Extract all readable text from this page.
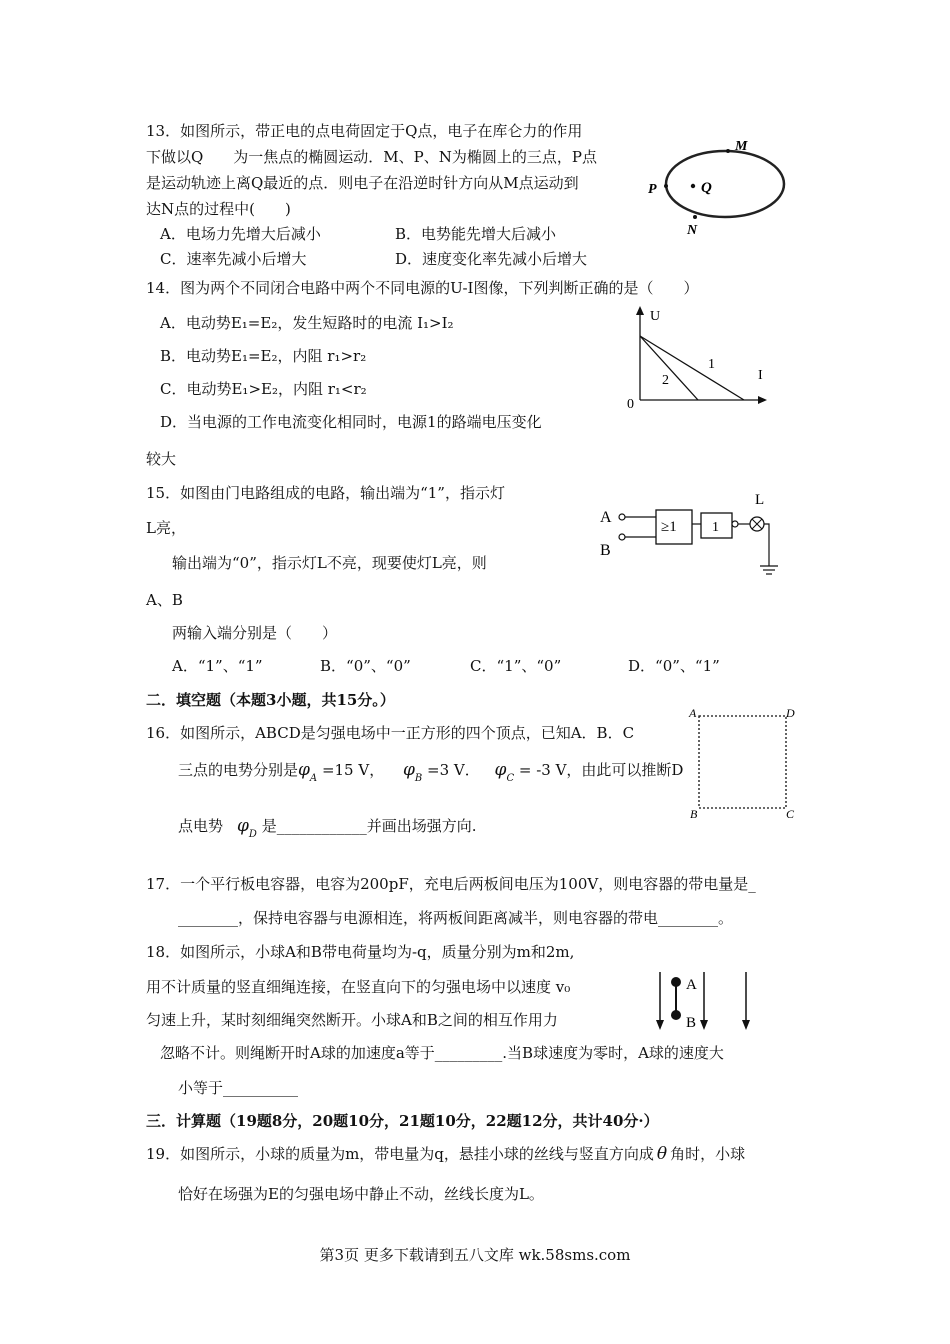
13．如图所示，带正电的点电荷固定于Q点，电子在库仑力的作用
下做以Q　　为一焦点的椭圆运动．M、P、N为椭圆上的三点，P点
是运动轨迹上离Q最近的点．则电子在沿逆时针方向从M点运动到
达N点的过程中(　　)
A．电场力先增大后减小	B．电势能先增大后减小
C．速率先减小后增大	D．速度变化率先减小后增大
Q
M
P
N
14．图为两个不同闭合电路中两个不同电源的U-I图像，下列判断正确的是（　　）
A．电动势E₁=E₂，发生短路时的电流 I₁>I₂
B．电动势E₁=E₂，内阻 r₁>r₂
C．电动势E₁>E₂，内阻 r₁<r₂
D．当电源的工作电流变化相同时，电源1的路端电压变化
较大
U
I
0
1
2
15．如图由门电路组成的电路，输出端为“1”，指示灯
L亮，
输出端为“0”，指示灯L不亮，现要使灯L亮，则
A、B
两输入端分别是（　　）
A．“1”、“1”	B．“0”、“0”	C．“1”、“0”	D．“0”、“1”
A
B
≥1	1
L
二．填空题（本题3小题，共15分。）
16．如图所示，ABCD是匀强电场中一正方形的四个顶点，已知A．B．C
三点的电势分别是$\varphi_A =15$ V， $\varphi_B =3$ V． $\varphi_C = -3$ V，由此可以推断D
点电势 $\varphi_D$ 是____________并画出场强方向.
A	D
B	C
17．一个平行板电容器，电容为200pF，充电后两板间电压为100V，则电容器的带电量是_
________，保持电容器与电源相连，将两板间距离减半，则电容器的带电________。
18．如图所示，小球A和B带电荷量均为-q，质量分别为m和2m,
用不计质量的竖直细绳连接，在竖直向下的匀强电场中以速度 v₀
匀速上升，某时刻细绳突然断开。小球A和B之间的相互作用力
忽略不计。则绳断开时A球的加速度a等于_________.当B球速度为零时，A球的速度大
小等于__________
A
B
三．计算题（19题8分，20题10分，21题10分，22题12分，共计40分·）
19．如图所示，小球的质量为m，带电量为q，悬挂小球的丝线与竖直方向成 θ 角时，小球
恰好在场强为E的匀强电场中静止不动，丝线长度为L。
第3页 更多下载请到五八文库 wk.58sms.com
